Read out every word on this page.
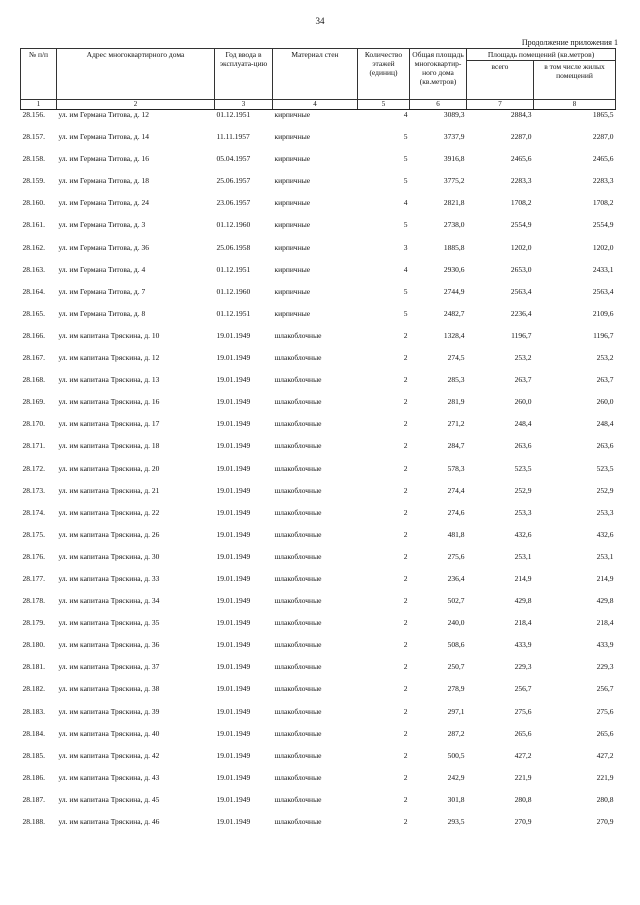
34
Продолжение приложения 1
№ п/п	Адрес многоквартирного дома	Год ввода в эксплуата-цию	Материал стен	Количество этажей (единиц)	Общая площадь многоквартир-ного дома (кв.метров)	Площадь помещений (кв.метров)	
						всего	в том числе жилых помещений
1	2	3	4	5	6	7	8
28.156.	ул. им Германа Титова, д. 12	01.12.1951	кирпичные	4	3089,3	2884,3	1865,5
28.157.	ул. им Германа Титова, д. 14	11.11.1957	кирпичные	5	3737,9	2287,0	2287,0
28.158.	ул. им Германа Титова, д. 16	05.04.1957	кирпичные	5	3916,8	2465,6	2465,6
28.159.	ул. им Германа Титова, д. 18	25.06.1957	кирпичные	5	3775,2	2283,3	2283,3
28.160.	ул. им Германа Титова, д. 24	23.06.1957	кирпичные	4	2821,8	1708,2	1708,2
28.161.	ул. им Германа Титова, д. 3	01.12.1960	кирпичные	5	2738,0	2554,9	2554,9
28.162.	ул. им Германа Титова, д. 36	25.06.1958	кирпичные	3	1885,8	1202,0	1202,0
28.163.	ул. им Германа Титова, д. 4	01.12.1951	кирпичные	4	2930,6	2653,0	2433,1
28.164.	ул. им Германа Титова, д. 7	01.12.1960	кирпичные	5	2744,9	2563,4	2563,4
28.165.	ул. им Германа Титова, д. 8	01.12.1951	кирпичные	5	2482,7	2236,4	2109,6
28.166.	ул. им капитана Тряскина, д. 10	19.01.1949	шлакоблочные	2	1328,4	1196,7	1196,7
28.167.	ул. им капитана Тряскина, д. 12	19.01.1949	шлакоблочные	2	274,5	253,2	253,2
28.168.	ул. им капитана Тряскина, д. 13	19.01.1949	шлакоблочные	2	285,3	263,7	263,7
28.169.	ул. им капитана Тряскина, д. 16	19.01.1949	шлакоблочные	2	281,9	260,0	260,0
28.170.	ул. им капитана Тряскина, д. 17	19.01.1949	шлакоблочные	2	271,2	248,4	248,4
28.171.	ул. им капитана Тряскина, д. 18	19.01.1949	шлакоблочные	2	284,7	263,6	263,6
28.172.	ул. им капитана Тряскина, д. 20	19.01.1949	шлакоблочные	2	578,3	523,5	523,5
28.173.	ул. им капитана Тряскина, д. 21	19.01.1949	шлакоблочные	2	274,4	252,9	252,9
28.174.	ул. им капитана Тряскина, д. 22	19.01.1949	шлакоблочные	2	274,6	253,3	253,3
28.175.	ул. им капитана Тряскина, д. 26	19.01.1949	шлакоблочные	2	481,8	432,6	432,6
28.176.	ул. им капитана Тряскина, д. 30	19.01.1949	шлакоблочные	2	275,6	253,1	253,1
28.177.	ул. им капитана Тряскина, д. 33	19.01.1949	шлакоблочные	2	236,4	214,9	214,9
28.178.	ул. им капитана Тряскина, д. 34	19.01.1949	шлакоблочные	2	502,7	429,8	429,8
28.179.	ул. им капитана Тряскина, д. 35	19.01.1949	шлакоблочные	2	240,0	218,4	218,4
28.180.	ул. им капитана Тряскина, д. 36	19.01.1949	шлакоблочные	2	508,6	433,9	433,9
28.181.	ул. им капитана Тряскина, д. 37	19.01.1949	шлакоблочные	2	250,7	229,3	229,3
28.182.	ул. им капитана Тряскина, д. 38	19.01.1949	шлакоблочные	2	278,9	256,7	256,7
28.183.	ул. им капитана Тряскина, д. 39	19.01.1949	шлакоблочные	2	297,1	275,6	275,6
28.184.	ул. им капитана Тряскина, д. 40	19.01.1949	шлакоблочные	2	287,2	265,6	265,6
28.185.	ул. им капитана Тряскина, д. 42	19.01.1949	шлакоблочные	2	500,5	427,2	427,2
28.186.	ул. им капитана Тряскина, д. 43	19.01.1949	шлакоблочные	2	242,9	221,9	221,9
28.187.	ул. им капитана Тряскина, д. 45	19.01.1949	шлакоблочные	2	301,8	280,8	280,8
28.188.	ул. им капитана Тряскина, д. 46	19.01.1949	шлакоблочные	2	293,5	270,9	270,9
